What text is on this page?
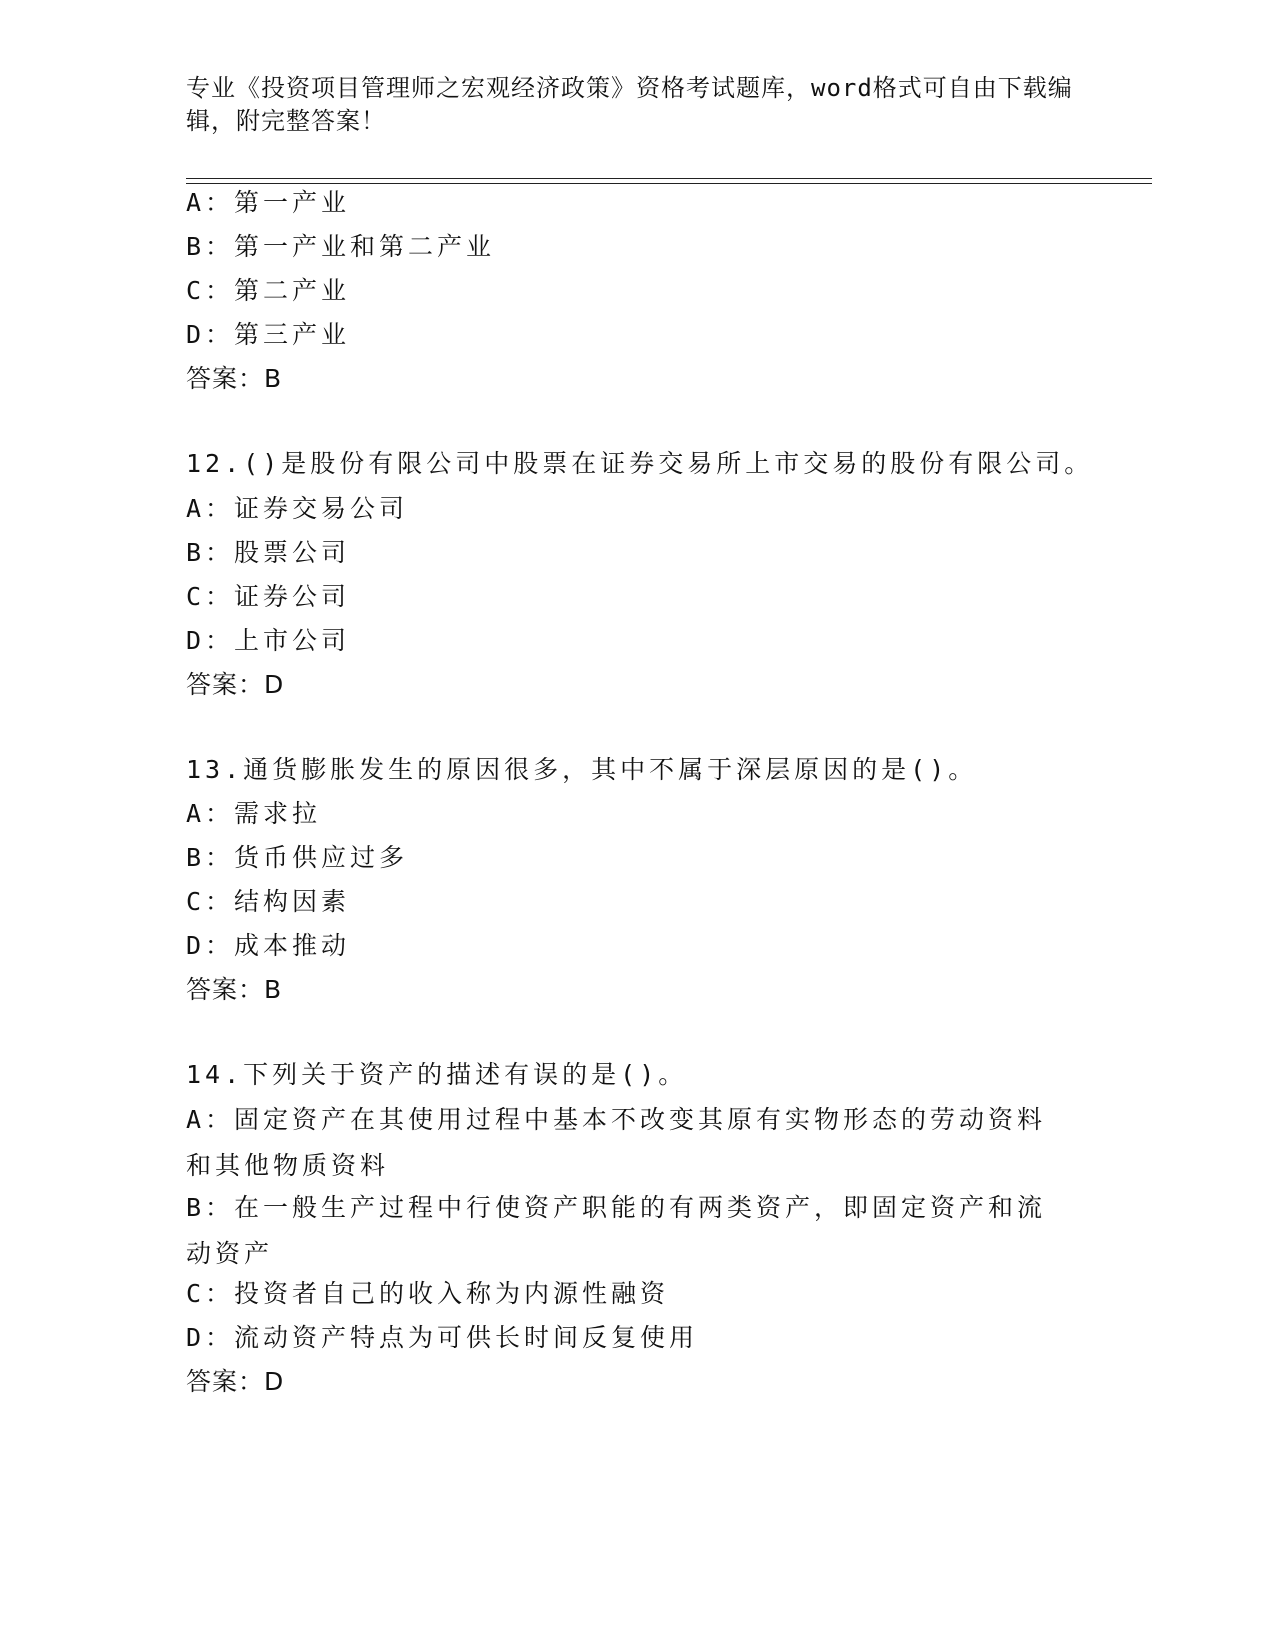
专业《投资项目管理师之宏观经济政策》资格考试题库，word格式可自由下载编辑，附完整答案！
A：第一产业
B：第一产业和第二产业
C：第二产业
D：第三产业
答案：B
12.()是股份有限公司中股票在证券交易所上市交易的股份有限公司。
A：证券交易公司
B：股票公司
C：证券公司
D：上市公司
答案：D
13.通货膨胀发生的原因很多，其中不属于深层原因的是()。
A：需求拉
B：货币供应过多
C：结构因素
D：成本推动
答案：B
14.下列关于资产的描述有误的是()。
A：固定资产在其使用过程中基本不改变其原有实物形态的劳动资料和其他物质资料
B：在一般生产过程中行使资产职能的有两类资产，即固定资产和流动资产
C：投资者自己的收入称为内源性融资
D：流动资产特点为可供长时间反复使用
答案：D
